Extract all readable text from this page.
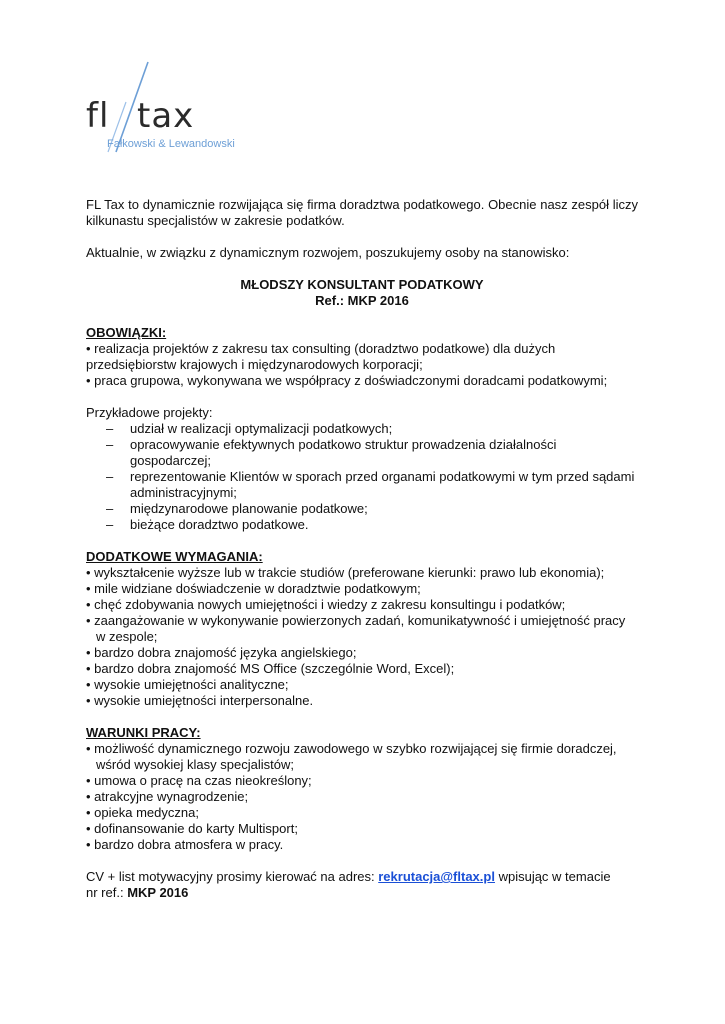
fl tax
Fałkowski & Lewandowski

FL Tax to dynamicznie rozwijająca się firma doradztwa podatkowego. Obecnie nasz zespół liczy kilkunastu specjalistów w zakresie podatków.

Aktualnie, w związku z dynamicznym rozwojem, poszukujemy osoby na stanowisko:

MŁODSZY KONSULTANT PODATKOWY

Ref.: MKP 2016

OBOWIĄZKI:

• realizacja projektów z zakresu tax consulting (doradztwo podatkowe) dla dużych przedsiębiorstw krajowych i międzynarodowych korporacji;

• praca grupowa, wykonywana we współpracy z doświadczonymi doradcami podatkowymi;

Przykładowe projekty:

– udział w realizacji optymalizacji podatkowych;
– opracowywanie efektywnych podatkowo struktur prowadzenia działalności gospodarczej;
– reprezentowanie Klientów w sporach przed organami podatkowymi w tym przed sądami administracyjnymi;
– międzynarodowe planowanie podatkowe;
– bieżące doradztwo podatkowe.

DODATKOWE WYMAGANIA:

• wykształcenie wyższe lub w trakcie studiów (preferowane kierunki: prawo lub ekonomia);

• mile widziane doświadczenie w doradztwie podatkowym;

• chęć zdobywania nowych umiejętności i wiedzy z zakresu konsultingu i podatków;

• zaangażowanie w wykonywanie powierzonych zadań, komunikatywność i umiejętność pracy w zespole;

• bardzo dobra znajomość języka angielskiego;

• bardzo dobra znajomość MS Office (szczególnie Word, Excel);

• wysokie umiejętności analityczne;

• wysokie umiejętności interpersonalne.

WARUNKI PRACY:

• możliwość dynamicznego rozwoju zawodowego w szybko rozwijającej się firmie doradczej, wśród wysokiej klasy specjalistów;

• umowa o pracę na czas nieokreślony;

• atrakcyjne wynagrodzenie;

• opieka medyczna;

• dofinansowanie do karty Multisport;

• bardzo dobra atmosfera w pracy.

CV + list motywacyjny prosimy kierować na adres: rekrutacja@fltax.pl wpisując w temacie

nr ref.: MKP 2016
